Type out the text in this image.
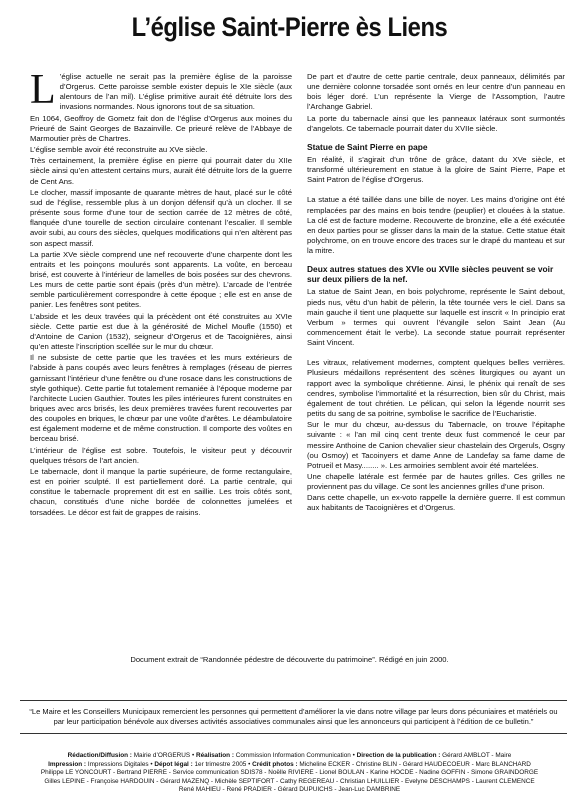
L’église Saint-Pierre ès Liens

L ’église actuelle ne serait pas la première église de la paroisse d’Orgerus. Cette paroisse semble exister depuis le XIe siècle (aux alentours de l’an mil). L’église primitive aurait été détruite lors des invasions normandes. Nous ignorons tout de sa situation.

En 1064, Geoffroy de Gometz fait don de l’église d’Orgerus aux moines du Prieuré de Saint Georges de Bazainville. Ce prieuré relève de l’Abbaye de Marmoutier près de Chartres.

L’église semble avoir été reconstruite au XVe siècle.

Très certainement, la première église en pierre qui pourrait dater du XIIe siècle ainsi qu’en attestent certains murs, aurait été détruite lors de la guerre de Cent Ans.

Le clocher, massif imposante de quarante mètres de haut, placé sur le côté sud de l’église, ressemble plus à un donjon défensif qu’à un clocher. Il se présente sous forme d’une tour de section carrée de 12 mètres de côté, flanquée d’une tourelle de section circulaire contenant l’escalier. Il semble avoir subi, au cours des siècles, quelques modifications qui n’en altèrent pas son aspect massif.

La partie XVe siècle comprend une nef recouverte d’une charpente dont les entraits et les poinçons moulurés sont apparents. La voûte, en berceau brisé, est couverte à l’intérieur de lamelles de bois posées sur des chevrons. Les murs de cette partie sont épais (près d’un mètre). L’arcade de l’entrée semble particulièrement correspondre à cette époque ; elle est en anse de panier. Les fenêtres sont petites.

L’abside et les deux travées qui la précèdent ont été construites au XVIe siècle. Cette partie est due à la générosité de Michel Moufle (1550) et d’Antoine de Canion (1532), seigneur d’Orgerus et de Tacoignières, ainsi qu’en atteste l’inscription scellée sur le mur du chœur.

Il ne subsiste de cette partie que les travées et les murs extérieurs de l’abside à pans coupés avec leurs fenêtres à remplages (réseau de pierres garnissant l’intérieur d’une fenêtre ou d’une rosace dans les constructions de style gothique). Cette partie fut totalement remaniée à l’époque moderne par l’architecte Lucien Gauthier. Toutes les piles intérieures furent construites en briques avec arcs brisés, les deux premières travées furent recouvertes par des coupoles en briques, le chœur par une voûte d’arêtes. Le déambulatoire est également moderne et de même construction. Il comporte des voûtes en berceau brisé.

L’intérieur de l’église est sobre. Toutefois, le visiteur peut y découvrir quelques trésors de l’art ancien.

Le tabernacle, dont il manque la partie supérieure, de forme rectangulaire, est en poirier sculpté. Il est partiellement doré. La partie centrale, qui constitue le tabernacle proprement dit est en saillie. Les trois côtés sont, chacun, constitués d’une niche bordée de colonnettes jumelées et torsadées. Le décor est fait de grappes de raisins.

De part et d’autre de cette partie centrale, deux panneaux, délimités par une dernière colonne torsadée sont ornés en leur centre d’un panneau en bois léger doré. L’un représente la Vierge de l’Assomption, l’autre l’Archange Gabriel.

La porte du tabernacle ainsi que les panneaux latéraux sont surmontés d’angelots. Ce tabernacle pourrait dater du XVIIe siècle.

Statue de Saint Pierre en pape

En réalité, il s’agirait d’un trône de grâce, datant du XVe siècle, et transformé ultérieurement en statue à la gloire de Saint Pierre, Pape et Saint Patron de l’église d’Orgerus.

La statue a été taillée dans une bille de noyer. Les mains d’origine ont été remplacées par des mains en bois tendre (peuplier) et clouées à la statue. La clé est de facture moderne. Recouverte de bronzine, elle a été exécutée en deux parties pour se glisser dans la main de la statue. Cette statue était polychrome, on en trouve encore des traces sur le drapé du manteau et sur la mitre.

Deux autres statues des XVIe ou XVIIe siècles peuvent se voir sur deux piliers de la nef.

La statue de Saint Jean, en bois polychrome, représente le Saint debout, pieds nus, vêtu d’un habit de pèlerin, la tête tournée vers le ciel. Dans sa main gauche il tient une plaquette sur laquelle est inscrit « In principio erat Verbum » termes qui ouvrent l’évangile selon Saint Jean (Au commencement était le verbe). La seconde statue pourrait représenter Saint Vincent.

Les vitraux, relativement modernes, comptent quelques belles verrières. Plusieurs médaillons représentent des scènes liturgiques ou ayant un rapport avec la symbolique chrétienne. Ainsi, le phénix qui renaît de ses cendres, symbolise l’immortalité et la résurrection, bien sûr du Christ, mais également de tout chrétien. Le pélican, qui selon la légende nourrit ses petits du sang de sa poitrine, symbolise le sacrifice de l’Eucharistie.

Sur le mur du chœur, au-dessus du Tabernacle, on trouve l’épitaphe suivante : « l’an mil cinq cent trente deux fust commencé le ceur par messire Anthoine de Canion chevalier sieur chastelain des Orgeruls, Osgny (ou Osmoy) et Tacoinyers et dame Anne de Landefay sa fame dame de Potrueil et Masy........ ». Les armoiries semblent avoir été martelées.

Une chapelle latérale est fermée par de hautes grilles. Ces grilles ne proviennent pas du village. Ce sont les anciennes grilles d’une prison.

Dans cette chapelle, un ex-voto rappelle la dernière guerre. Il est commun aux habitants de Tacoignières et d’Orgerus.

Document extrait de “Randonnée pédestre de découverte du patrimoine”. Rédigé en juin 2000.
“Le Maire et les Conseillers Municipaux remercient les personnes qui permettent d’améliorer la vie dans notre village par leurs dons pécuniaires et matériels ou par leur participation bénévole aux diverses activités associatives communales ainsi que les annonceurs qui participent à l’édition de ce bulletin.”
Rédaction/Diffusion : Mairie d’ORGERUS • Réalisation : Commission Information Communication • Direction de la publication : Gérard AMBLOT - Maire
Impression : Impressions Digitales • Dépot légal : 1er trimestre 2005 • Crédit photos : Micheline ECKER - Christine BLIN - Gérard HAUDECOEUR - Marc BLANCHARD
Philippe LE YONCOURT - Bertrand PIERRE - Service communication SDIS78 - Noëlle RIVIERE - Lionel BOULAN - Karine HOCDE - Nadine GOFFIN - Simone GRAINDORGE
Gilles LEPINE - Françoise HARDOUIN - Gérard MAZENQ - Michèle SEPTIFORT - Cathy REGEREAU - Christian LHUILLIER - Evelyne DESCHAMPS - Laurent CLEMENCE
René MAHIEU - René PRADIER - Gérard DUPUICHS - Jean-Luc DAMBRINE
